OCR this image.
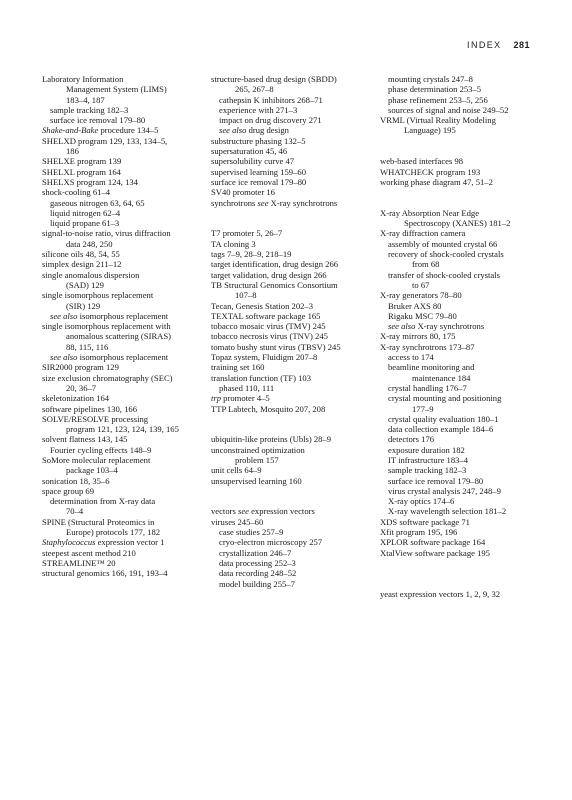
INDEX 281
Laboratory Information
Management System (LIMS)
183–4, 187
sample tracking 182–3
surface ice removal 179–80
Shake-and-Bake procedure 134–5
SHELXD program 129, 133, 134–5,
186
SHELXE program 139
SHELXL program 164
SHELXS program 124, 134
shock-cooling 61–4
gaseous nitrogen 63, 64, 65
liquid nitrogen 62–4
liquid propane 61–3
signal-to-noise ratio, virus diffraction
data 248, 250
silicone oils 48, 54, 55
simplex design 211–12
single anomalous dispersion
(SAD) 129
single isomorphous replacement
(SIR) 129
see also isomorphous replacement
single isomorphous replacement with
anomalous scattering (SIRAS)
88, 115, 116
see also isomorphous replacement
SIR2000 program 129
size exclusion chromatography (SEC)
20, 36–7
skeletonization 164
software pipelines 130, 166
SOLVE/RESOLVE processing
program 121, 123, 124, 139, 165
solvent flatness 143, 145
Fourier cycling effects 148–9
SoMore molecular replacement
package 103–4
sonication 18, 35–6
space group 69
determination from X-ray data
70–4
SPINE (Structural Proteomics in
Europe) protocols 177, 182
Staphylococcus expression vector 1
steepest ascent method 210
STREAMLINE™ 20
structural genomics 166, 191, 193–4
structure-based drug design (SBDD)
265, 267–8
cathepsin K inhibitors 268–71
experience with 271–3
impact on drug discovery 271
see also drug design
substructure phasing 132–5
supersaturation 45, 46
supersolubility curve 47
supervised learning 159–60
surface ice removal 179–80
SV40 promoter 16
synchrotrons see X-ray synchrotrons
T7 promoter 5, 26–7
TA cloning 3
tags 7–9, 28–9, 218–19
target identification, drug design 266
target validation, drug design 266
TB Structural Genomics Consortium
107–8
Tecan, Genesis Station 202–3
TEXTAL software package 165
tobacco mosaic virus (TMV) 245
tobacco necrosis virus (TNV) 245
tomato bushy stunt virus (TBSV) 245
Topaz system, Fluidigm 207–8
training set 160
translation function (TF) 103
phased 110, 111
trp promoter 4–5
TTP Labtech, Mosquito 207, 208
ubiquitin-like proteins (Ubls) 28–9
unconstrained optimization
problem 157
unit cells 64–9
unsupervised learning 160
vectors see expression vectors
viruses 245–60
case studies 257–9
cryo-electron microscopy 257
crystallization 246–7
data processing 252–3
data recording 248–52
model building 255–7
mounting crystals 247–8
phase determination 253–5
phase refinement 253–5, 256
sources of signal and noise 249–52
VRML (Virtual Reality Modeling
Language) 195
web-based interfaces 98
WHATCHECK program 193
working phase diagram 47, 51–2
X-ray Absorption Near Edge
Spectroscopy (XANES) 181–2
X-ray diffraction camera
assembly of mounted crystal 66
recovery of shock-cooled crystals
from 68
transfer of shock-cooled crystals
to 67
X-ray generators 78–80
Bruker AXS 80
Rigaku MSC 79–80
see also X-ray synchrotrons
X-ray mirrors 80, 175
X-ray synchrotrons 173–87
access to 174
beamline monitoring and
maintenance 184
crystal handling 176–7
crystal mounting and positioning
177–9
crystal quality evaluation 180–1
data collection example 184–6
detectors 176
exposure duration 182
IT infrastructure 183–4
sample tracking 182–3
surface ice removal 179–80
virus crystal analysis 247, 248–9
X-ray optics 174–6
X-ray wavelength selection 181–2
XDS software package 71
Xfit program 195, 196
XPLOR software package 164
XtalView software package 195
yeast expression vectors 1, 2, 9, 32
